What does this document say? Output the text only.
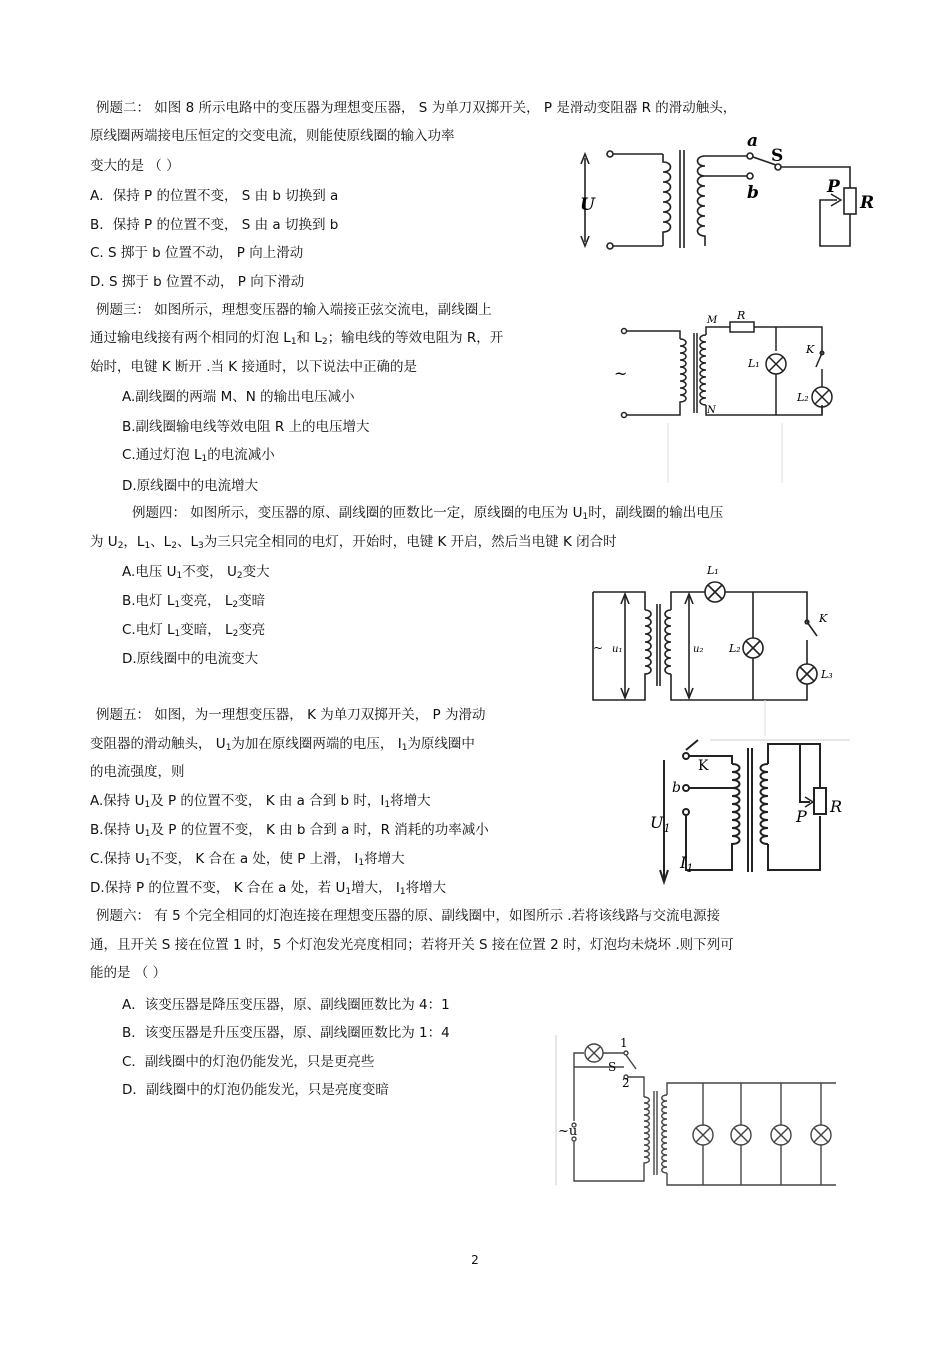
例题二： 如图 8 所示电路中的变压器为理想变压器， S 为单刀双掷开关， P 是滑动变阻器 R 的滑动触头，
原线圈两端接电压恒定的交变电流，则能使原线圈的输入功率
变大的是 （ ）
A．保持 P 的位置不变， S 由 b 切换到 a
B．保持 P 的位置不变， S 由 a 切换到 b
C. S 掷于 b 位置不动， P 向上滑动
D. S 掷于 b 位置不动， P 向下滑动
a
S
b	P
R
U
例题三： 如图所示，理想变压器的输入端接正弦交流电，副线圈上
通过输电线接有两个相同的灯泡 $L_1$和 $L_2$；输电线的等效电阻为 R，开
始时，电键 K 断开 .当 K 接通时，以下说法中正确的是
A.副线圈的两端 M、N 的输出电压减小
B.副线圈输电线等效电阻 R 上的电压增大
C.通过灯泡 $L_1$的电流减小
D.原线圈中的电流增大
~
M
N
R
L₁
K
L₂
例题四： 如图所示，变压器的原、副线圈的匝数比一定，原线圈的电压为 $U_1$时，副线圈的输出电压
为 $U_2$，$L_1$、$L_2$、$L_3$为三只完全相同的电灯，开始时，电键 K 开启，然后当电键 K 闭合时
A.电压 $U_1$不变， $U_2$变大
B.电灯 $L_1$变亮， $L_2$变暗
C.电灯 $L_1$变暗， $L_2$变亮
D.原线圈中的电流变大
~ u₁	u₂
L₁
L₂
L₃
K
例题五： 如图，为一理想变压器， K 为单刀双掷开关， P 为滑动
变阻器的滑动触头， $U_1$为加在原线圈两端的电压， $I_1$为原线圈中
的电流强度，则
A.保持 $U_1$及 P 的位置不变， K 由 a 合到 b 时，$I_1$将增大
B.保持 $U_1$及 P 的位置不变， K 由 b 合到 a 时，R 消耗的功率减小
C.保持 $U_1$不变， K 合在 a 处，使 P 上滑， $I_1$将增大
D.保持 P 的位置不变， K 合在 a 处，若 $U_1$增大， $I_1$将增大
K
b
$U_1$
$I_1$
P
R
例题六： 有 5 个完全相同的灯泡连接在理想变压器的原、副线圈中，如图所示 .若将该线路与交流电源接
通，且开关 S 接在位置 1 时，5 个灯泡发光亮度相同；若将开关 S 接在位置 2 时，灯泡均未烧坏 .则下列可
能的是 （ ）
A．该变压器是降压变压器，原、副线圈匝数比为 4：1
B．该变压器是升压变压器，原、副线圈匝数比为 1：4
C．副线圈中的灯泡仍能发光，只是更亮些
D．副线圈中的灯泡仍能发光，只是亮度变暗
1
S
2
~u
2
